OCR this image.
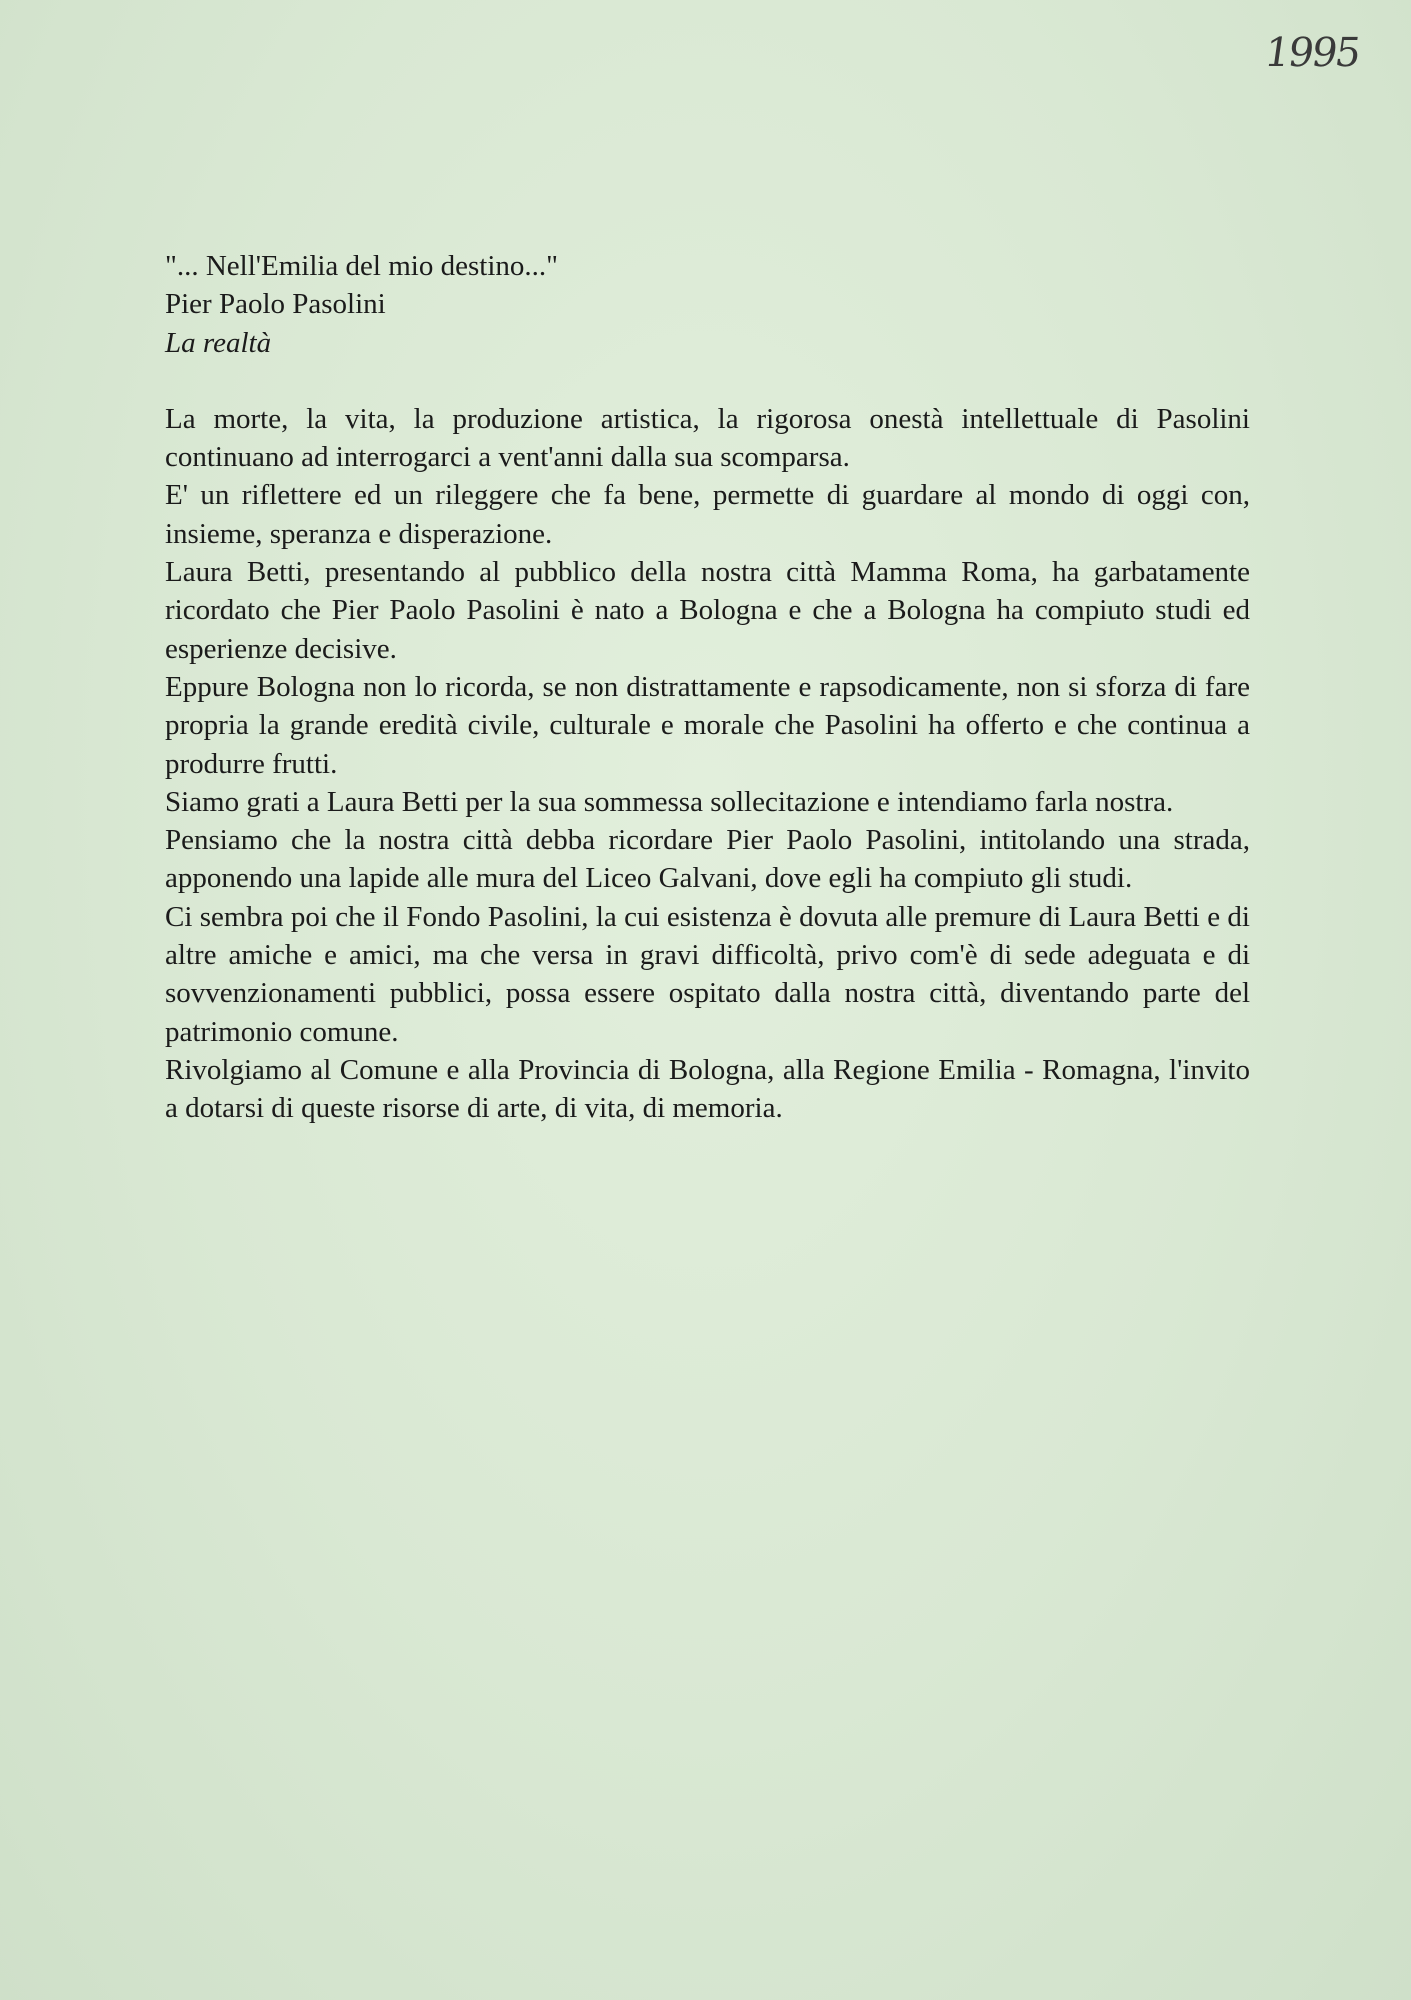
1995

"... Nell'Emilia del mio destino..."

Pier Paolo Pasolini

La realtà

La morte, la vita, la produzione artistica, la rigorosa onestà intellettuale di Pasolini continuano ad interrogarci a vent'anni dalla sua scomparsa.

E' un riflettere ed un rileggere che fa bene, permette di guardare al mondo di oggi con, insieme, speranza e disperazione.

Laura Betti, presentando al pubblico della nostra città Mamma Roma, ha garbatamente ricordato che Pier Paolo Pasolini è nato a Bologna e che a Bologna ha compiuto studi ed esperienze decisive.

Eppure Bologna non lo ricorda, se non distrattamente e rapsodicamente, non si sforza di fare propria la grande eredità civile, culturale e morale che Pasolini ha offerto e che continua a produrre frutti.

Siamo grati a Laura Betti per la sua sommessa sollecitazione e intendiamo farla nostra.

Pensiamo che la nostra città debba ricordare Pier Paolo Pasolini, intitolando una strada, apponendo una lapide alle mura del Liceo Galvani, dove egli ha compiuto gli studi.

Ci sembra poi che il Fondo Pasolini, la cui esistenza è dovuta alle premure di Laura Betti e di altre amiche e amici, ma che versa in gravi difficoltà, privo com'è di sede adeguata e di sovvenzionamenti pubblici, possa essere ospitato dalla nostra città, diventando parte del patrimonio comune.

Rivolgiamo al Comune e alla Provincia di Bologna, alla Regione Emilia - Romagna, l'invito a dotarsi di queste risorse di arte, di vita, di memoria.
